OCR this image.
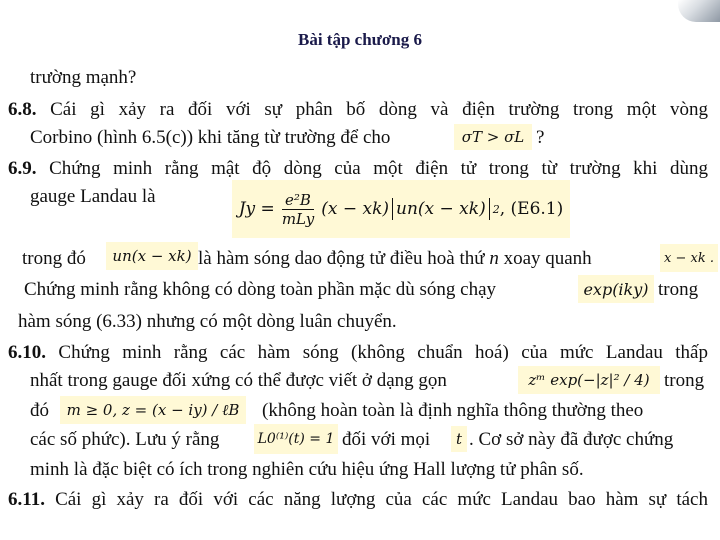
Bài tập chương 6
trường mạnh?
6.8. Cái gì xảy ra đối với sự phân bố dòng và điện trường trong một vòng
Corbino (hình 6.5(c)) khi tăng từ trường để cho	σT > σL ?
6.9. Chứng minh rằng mật độ dòng của một điện tử trong từ trường khi dùng
gauge Landau là
$Jy = \frac{\text{e²B}}{\text{mLy}} (x - xk) un(x - xk)$ 2 , (E6.1)
trong đó	un(x − xk) là hàm sóng dao động tử điều hoà thứ n xoay quanh	x − xk .
Chứng minh rằng không có dòng toàn phần mặc dù sóng chạy	exp(iky) trong
hàm sóng (6.33) nhưng có một dòng luân chuyển.
6.10. Chứng minh rằng các hàm sóng (không chuẩn hoá) của mức Landau thấp
nhất trong gauge đối xứng có thể được viết ở dạng gọn	zᵐ exp(−|z|² / 4) trong
đó	m ≥ 0, z = (x − iy) / ℓB	(không hoàn toàn là định nghĩa thông thường theo
các số phức). Lưu ý rằng	L0⁽¹⁾(t) = 1 đối với mọi	t . Cơ sở này đã được chứng
minh là đặc biệt có ích trong nghiên cứu hiệu ứng Hall lượng tử phân số.
6.11. Cái gì xảy ra đối với các năng lượng của các mức Landau bao hàm sự tách
